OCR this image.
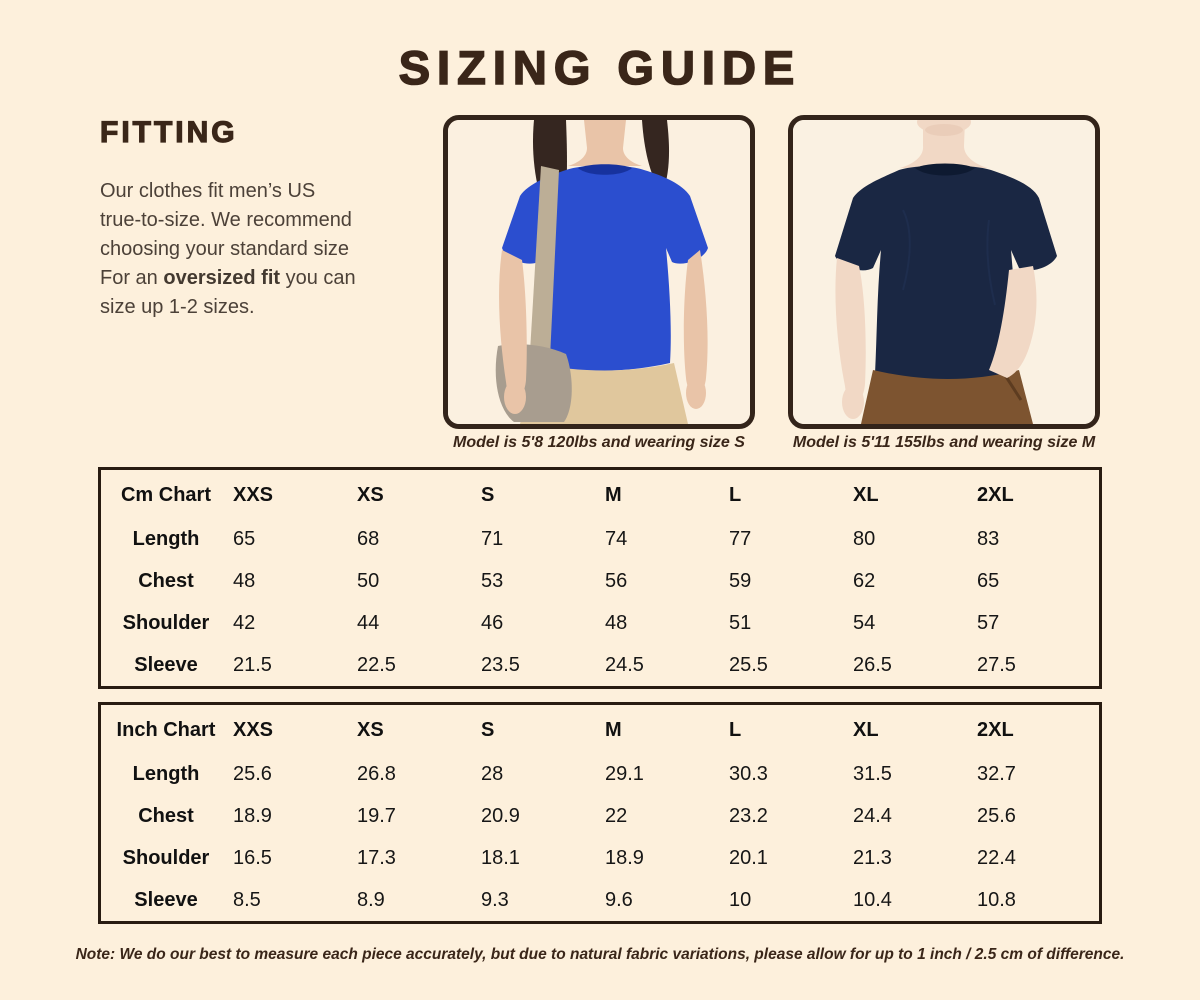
SIZING GUIDE
FITTING

Our clothes fit men’s US
true-to-size. We recommend
choosing your standard size
For an oversized fit you can
size up 1-2 sizes.

Model is 5'8 120lbs and wearing size S	Model is 5'11 155lbs and wearing size M
Cm Chart	XXS	XS	S	M	L	XL	2XL
Length	65	68	71	74	77	80	83
Chest	48	50	53	56	59	62	65
Shoulder	42	44	46	48	51	54	57
Sleeve	21.5	22.5	23.5	24.5	25.5	26.5	27.5
Inch Chart XXS	XS	S	M	L	XL	2XL
Length	25.6	26.8	28	29.1	30.3	31.5	32.7
Chest	18.9	19.7	20.9	22	23.2	24.4	25.6
Shoulder	16.5	17.3	18.1	18.9	20.1	21.3	22.4
Sleeve	8.5	8.9	9.3	9.6	10	10.4	10.8
Note: We do our best to measure each piece accurately, but due to natural fabric variations, please allow for up to 1 inch / 2.5 cm of difference.
